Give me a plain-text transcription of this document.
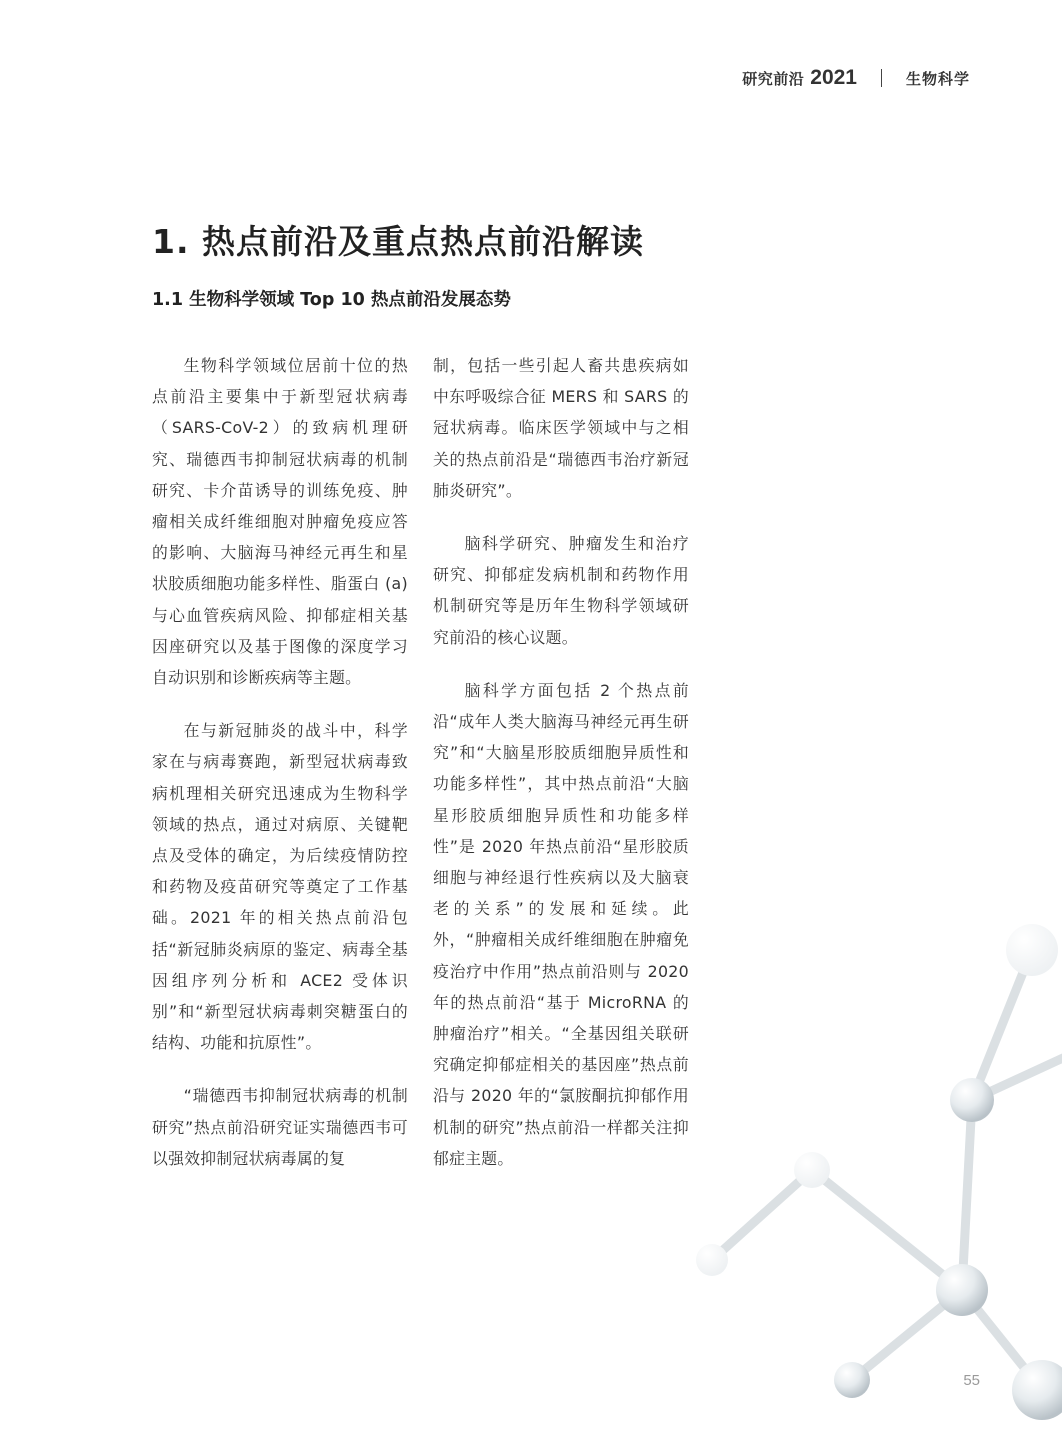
研究前沿 2021	生物科学
1. 热点前沿及重点热点前沿解读
1.1 生物科学领域 Top 10 热点前沿发展态势

生物科学领域位居前十位的热点前沿主要集中于新型冠状病毒（SARS-CoV-2）的致病机理研究、瑞德西韦抑制冠状病毒的机制研究、卡介苗诱导的训练免疫、肿瘤相关成纤维细胞对肿瘤免疫应答的影响、大脑海马神经元再生和星状胶质细胞功能多样性、脂蛋白 (a) 与心血管疾病风险、抑郁症相关基因座研究以及基于图像的深度学习自动识别和诊断疾病等主题。

在与新冠肺炎的战斗中，科学家在与病毒赛跑，新型冠状病毒致病机理相关研究迅速成为生物科学领域的热点，通过对病原、关键靶点及受体的确定，为后续疫情防控和药物及疫苗研究等奠定了工作基础。2021 年的相关热点前沿包括“新冠肺炎病原的鉴定、病毒全基因组序列分析和 ACE2 受体识别”和“新型冠状病毒刺突糖蛋白的结构、功能和抗原性”。

“瑞德西韦抑制冠状病毒的机制研究”热点前沿研究证实瑞德西韦可以强效抑制冠状病毒属的复

制，包括一些引起人畜共患疾病如中东呼吸综合征 MERS 和 SARS 的冠状病毒。临床医学领域中与之相关的热点前沿是“瑞德西韦治疗新冠肺炎研究”。

脑科学研究、肿瘤发生和治疗研究、抑郁症发病机制和药物作用机制研究等是历年生物科学领域研究前沿的核心议题。

脑科学方面包括 2 个热点前沿“成年人类大脑海马神经元再生研究”和“大脑星形胶质细胞异质性和功能多样性”，其中热点前沿“大脑星形胶质细胞异质性和功能多样性”是 2020 年热点前沿“星形胶质细胞与神经退行性疾病以及大脑衰老的关系”的发展和延续。此外，“肿瘤相关成纤维细胞在肿瘤免疫治疗中作用”热点前沿则与 2020 年的热点前沿“基于 MicroRNA 的肿瘤治疗”相关。“全基因组关联研究确定抑郁症相关的基因座”热点前沿与 2020 年的“氯胺酮抗抑郁作用机制的研究”热点前沿一样都关注抑郁症主题。

55
